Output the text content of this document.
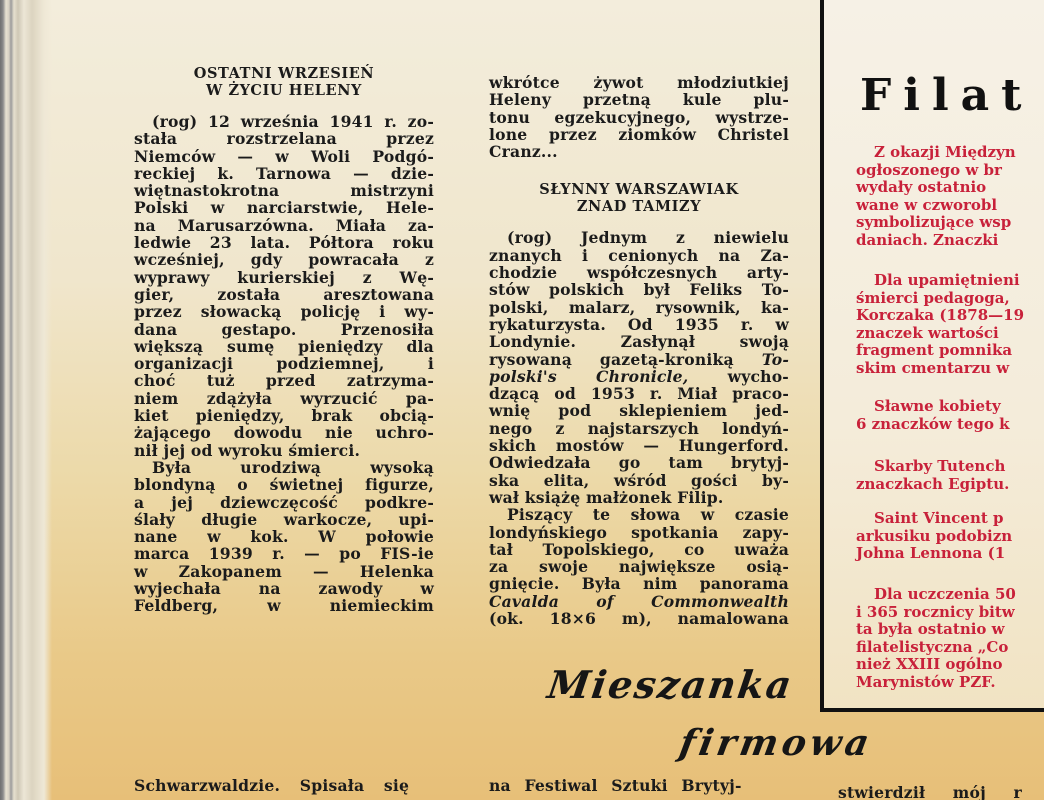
OSTATNI WRZESIEŃ
W ŻYCIU HELENY

(rog) 12 września 1941 r. zo-

stała rozstrzelana przez

Niemców — w Woli Podgó-

reckiej k. Tarnowa — dzie-

więtnastokrotna mistrzyni

Polski w narciarstwie, Hele-

na Marusarzówna. Miała za-

ledwie 23 lata. Półtora roku

wcześniej, gdy powracała z

wyprawy kurierskiej z Wę-

gier, została aresztowana

przez słowacką policję i wy-

dana gestapo. Przenosiła

większą sumę pieniędzy dla

organizacji podziemnej, i

choć tuż przed zatrzyma-

niem zdążyła wyrzucić pa-

kiet pieniędzy, brak obcią-

żającego dowodu nie uchro-

nił jej od wyroku śmierci.

Była urodziwą wysoką

blondyną o świetnej figurze,

a jej dziewczęcość podkre-

ślały długie warkocze, upi-

nane w kok. W połowie

marca 1939 r. — po FIS-ie

w Zakopanem — Helenka

wyjechała na zawody w

Feldberg, w niemieckim

wkrótce żywot młodziutkiej

Heleny przetną kule plu-

tonu egzekucyjnego, wystrze-

lone przez ziomków Christel

Cranz...

SŁYNNY WARSZAWIAK
ZNAD TAMIZY

(rog) Jednym z niewielu

znanych i cenionych na Za-

chodzie współczesnych arty-

stów polskich był Feliks To-

polski, malarz, rysownik, ka-

rykaturzysta. Od 1935 r. w

Londynie. Zasłynął swoją

rysowaną gazetą-kroniką To-

polski's Chronicle, wycho-

dzącą od 1953 r. Miał praco-

wnię pod sklepieniem jed-

nego z najstarszych londyń-

skich mostów — Hungerford.

Odwiedzała go tam brytyj-

ska elita, wśród gości by-

wał książę małżonek Filip.

Piszący te słowa w czasie

londyńskiego spotkania zapy-

tał Topolskiego, co uważa

za swoje największe osią-

gnięcie. Była nim panorama

Cavalda of Commonwealth

(ok. 18×6 m), namalowana

Schwarzwaldzie. Spisała się	na Festiwal Sztuki Brytyj-	stwierdził mój r

Mieszanka
firmowa
Filat
Z okazji Międzyn
ogłoszonego w br
wydały ostatnio
wane w czworobl
symbolizujące wsp
daniach. Znaczki
Dla upamiętnieni
śmierci pedagoga,
Korczaka (1878—19
znaczek wartości
fragment pomnika
skim cmentarzu w
Sławne kobiety
6 znaczków tego k
Skarby Tutench
znaczkach Egiptu.
Saint Vincent p
arkusiku podobizn
Johna Lennona (1
Dla uczczenia 50
i 365 rocznicy bitw
ta była ostatnio w
filatelistyczna „Co
nież XXIII ogólno
Marynistów PZF.
